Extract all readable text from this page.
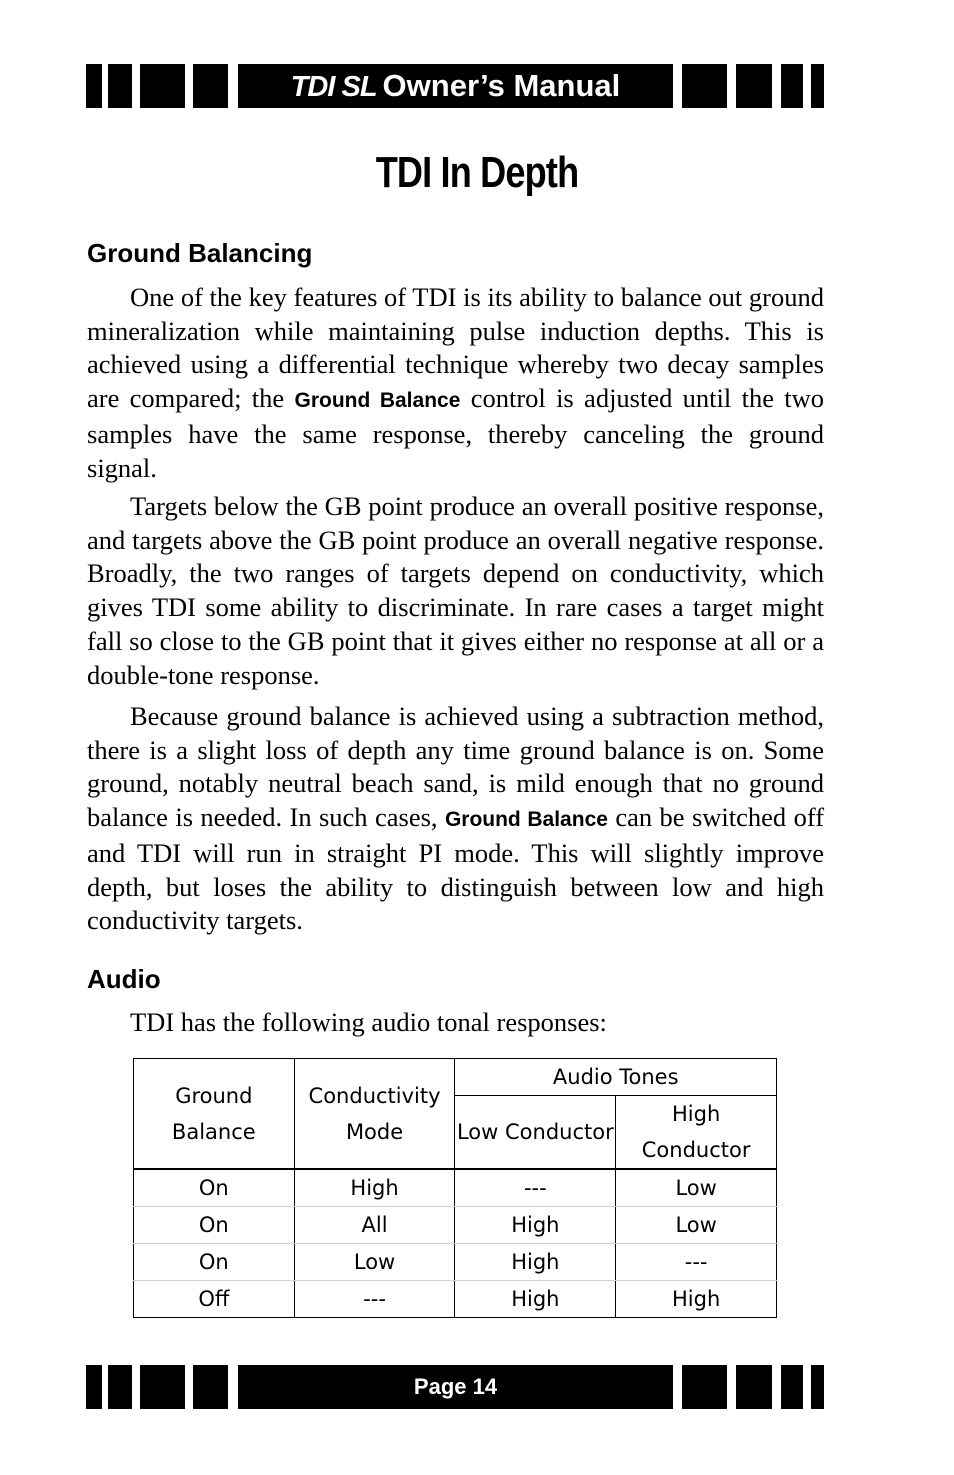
TDI SL Owner’s Manual
TDI In Depth
Ground Balancing

One of the key features of TDI is its ability to balance out ground mineralization while maintaining pulse induction depths. This is achieved using a differential technique whereby two decay samples are compared; the Ground Balance control is adjusted until the two samples have the same response, thereby canceling the ground signal.

Targets below the GB point produce an overall positive response, and targets above the GB point produce an overall negative response. Broadly, the two ranges of targets depend on conductivity, which gives TDI some ability to discriminate. In rare cases a target might fall so close to the GB point that it gives either no response at all or a double-tone response.

Because ground balance is achieved using a subtraction method, there is a slight loss of depth any time ground balance is on. Some ground, notably neutral beach sand, is mild enough that no ground balance is needed. In such cases, Ground Balance can be switched off and TDI will run in straight PI mode. This will slightly improve depth, but loses the ability to distinguish between low and high conductivity targets.

Audio

TDI has the following audio tonal responses:

Ground Balance	Conductivity Mode	Audio Tones	
		Low Conductor	High Conductor
On	High	---	Low
On	All	High	Low
On	Low	High	---
Off	---	High	High
Page 14
